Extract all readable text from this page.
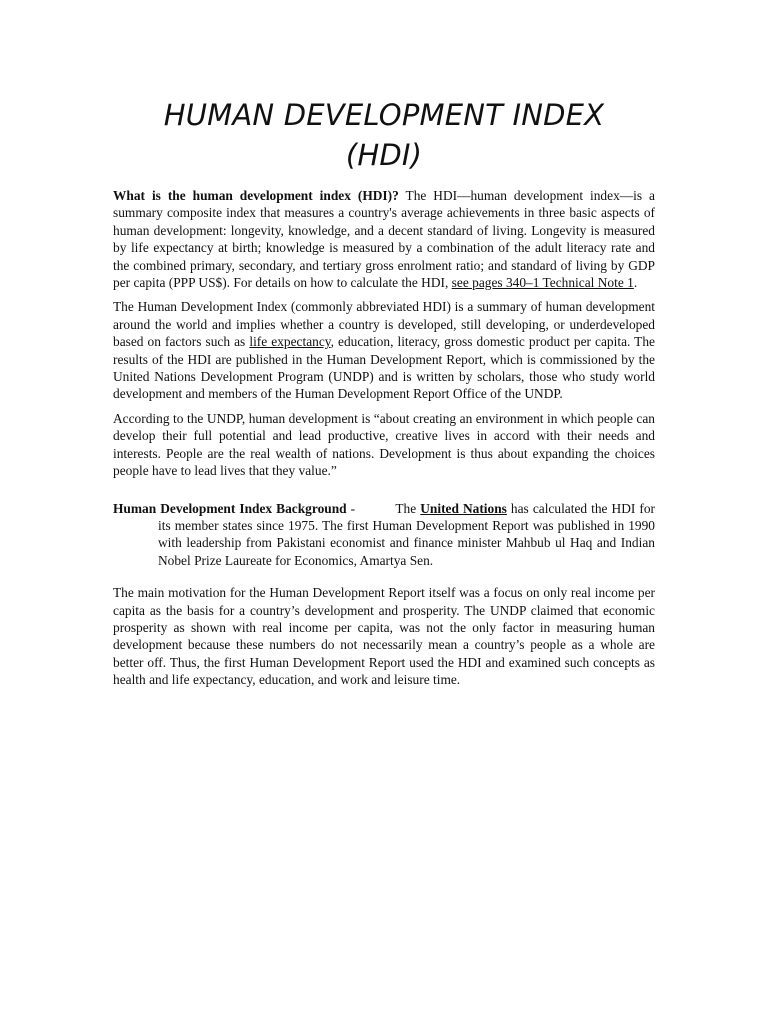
HUMAN DEVELOPMENT INDEX
(HDI)

What is the human development index (HDI)? The HDI—human development index—is a summary composite index that measures a country's average achievements in three basic aspects of human development: longevity, knowledge, and a decent standard of living. Longevity is measured by life expectancy at birth; knowledge is measured by a combination of the adult literacy rate and the combined primary, secondary, and tertiary gross enrolment ratio; and standard of living by GDP per capita (PPP US$). For details on how to calculate the HDI, see pages 340–1 Technical Note 1.

The Human Development Index (commonly abbreviated HDI) is a summary of human development around the world and implies whether a country is developed, still developing, or underdeveloped based on factors such as life expectancy, education, literacy, gross domestic product per capita. The results of the HDI are published in the Human Development Report, which is commissioned by the United Nations Development Program (UNDP) and is written by scholars, those who study world development and members of the Human Development Report Office of the UNDP.

According to the UNDP, human development is “about creating an environment in which people can develop their full potential and lead productive, creative lives in accord with their needs and interests. People are the real wealth of nations. Development is thus about expanding the choices people have to lead lives that they value.”

Human Development Index Background -          The United Nations has calculated the HDI for its member states since 1975. The first Human Development Report was published in 1990 with leadership from Pakistani economist and finance minister Mahbub ul Haq and Indian Nobel Prize Laureate for Economics, Amartya Sen.

The main motivation for the Human Development Report itself was a focus on only real income per capita as the basis for a country’s development and prosperity. The UNDP claimed that economic prosperity as shown with real income per capita, was not the only factor in measuring human development because these numbers do not necessarily mean a country’s people as a whole are better off. Thus, the first Human Development Report used the HDI and examined such concepts as health and life expectancy, education, and work and leisure time.
